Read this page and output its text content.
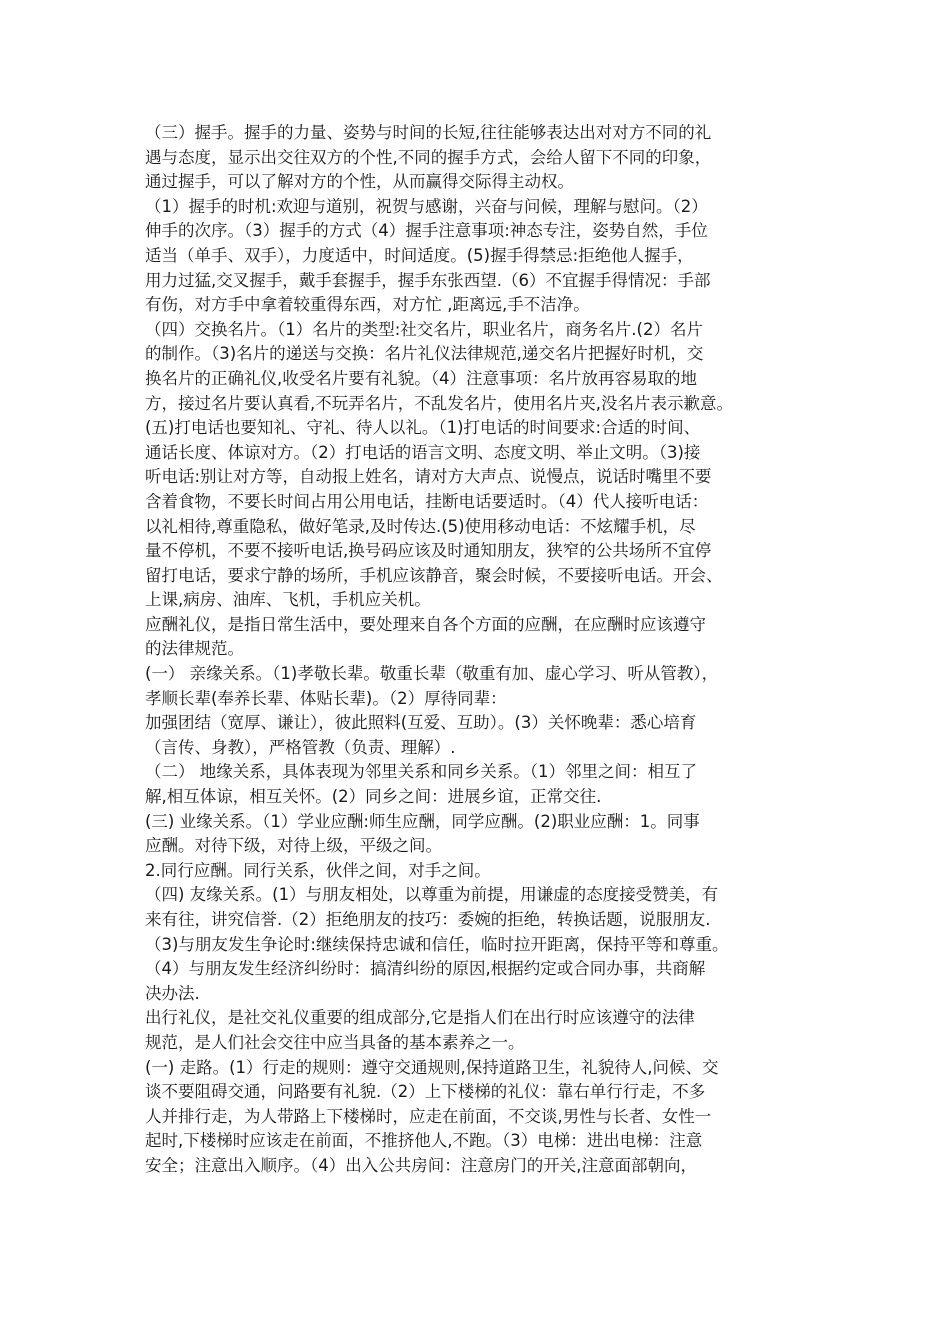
（三）握手。握手的力量、姿势与时间的长短,往往能够表达出对对方不同的礼
遇与态度，显示出交往双方的个性,不同的握手方式，会给人留下不同的印象，
通过握手，可以了解对方的个性，从而赢得交际得主动权。
（1）握手的时机:欢迎与道别，祝贺与感谢，兴奋与问候，理解与慰问。（2）
伸手的次序。（3）握手的方式（4）握手注意事项:神态专注，姿势自然，手位
适当（单手、双手），力度适中，时间适度。(5)握手得禁忌:拒绝他人握手，
用力过猛,交叉握手，戴手套握手，握手东张西望.（6）不宜握手得情况：手部
有伤，对方手中拿着较重得东西，对方忙 ,距离远,手不洁净。
（四）交换名片。（1）名片的类型:社交名片，职业名片，商务名片.(2）名片
的制作。（3)名片的递送与交换：名片礼仪法律规范,递交名片把握好时机，交
换名片的正确礼仪,收受名片要有礼貌。（4）注意事项：名片放再容易取的地
方，接过名片要认真看,不玩弄名片，不乱发名片，使用名片夹,没名片表示歉意。
(五)打电话也要知礼、守礼、待人以礼。（1)打电话的时间要求:合适的时间、
通话长度、体谅对方。（2）打电话的语言文明、态度文明、举止文明。（3)接
听电话:别让对方等，自动报上姓名，请对方大声点、说慢点，说话时嘴里不要
含着食物，不要长时间占用公用电话，挂断电话要适时。（4）代人接听电话：
以礼相待,尊重隐私，做好笔录,及时传达.(5)使用移动电话：不炫耀手机，尽
量不停机，不要不接听电话,换号码应该及时通知朋友，狭窄的公共场所不宜停
留打电话，要求宁静的场所，手机应该静音，聚会时候，不要接听电话。开会、
上课,病房、油库、飞机，手机应关机。
应酬礼仪，是指日常生活中，要处理来自各个方面的应酬，在应酬时应该遵守
的法律规范。
(一） 亲缘关系。（1)孝敬长辈。敬重长辈（敬重有加、虚心学习、听从管教），
孝顺长辈(奉养长辈、体贴长辈)。（2）厚待同辈：
加强团结（宽厚、谦让），彼此照料(互爱、互助）。(3）关怀晚辈：悉心培育
（言传、身教），严格管教（负责、理解）.
（二） 地缘关系，具体表现为邻里关系和同乡关系。（1）邻里之间：相互了
解,相互体谅，相互关怀。(2）同乡之间：进展乡谊，正常交往.
(三) 业缘关系。（1）学业应酬:师生应酬，同学应酬。(2)职业应酬：1。同事
应酬。对待下级，对待上级，平级之间。
2.同行应酬。同行关系，伙伴之间，对手之间。
（四) 友缘关系。(1）与朋友相处，以尊重为前提，用谦虚的态度接受赞美，有
来有往，讲究信誉.（2）拒绝朋友的技巧：委婉的拒绝，转换话题，说服朋友.
（3)与朋友发生争论时:继续保持忠诚和信任，临时拉开距离，保持平等和尊重。
（4）与朋友发生经济纠纷时：搞清纠纷的原因,根据约定或合同办事，共商解
决办法.
出行礼仪，是社交礼仪重要的组成部分,它是指人们在出行时应该遵守的法律
规范，是人们社会交往中应当具备的基本素养之一。
(一) 走路。(1）行走的规则：遵守交通规则,保持道路卫生，礼貌待人,问候、交
谈不要阻碍交通，问路要有礼貌.（2）上下楼梯的礼仪：靠右单行行走，不多
人并排行走，为人带路上下楼梯时，应走在前面，不交谈,男性与长者、女性一
起时,下楼梯时应该走在前面，不推挤他人,不跑。（3）电梯：进出电梯：注意
安全；注意出入顺序。（4）出入公共房间：注意房门的开关,注意面部朝向，
